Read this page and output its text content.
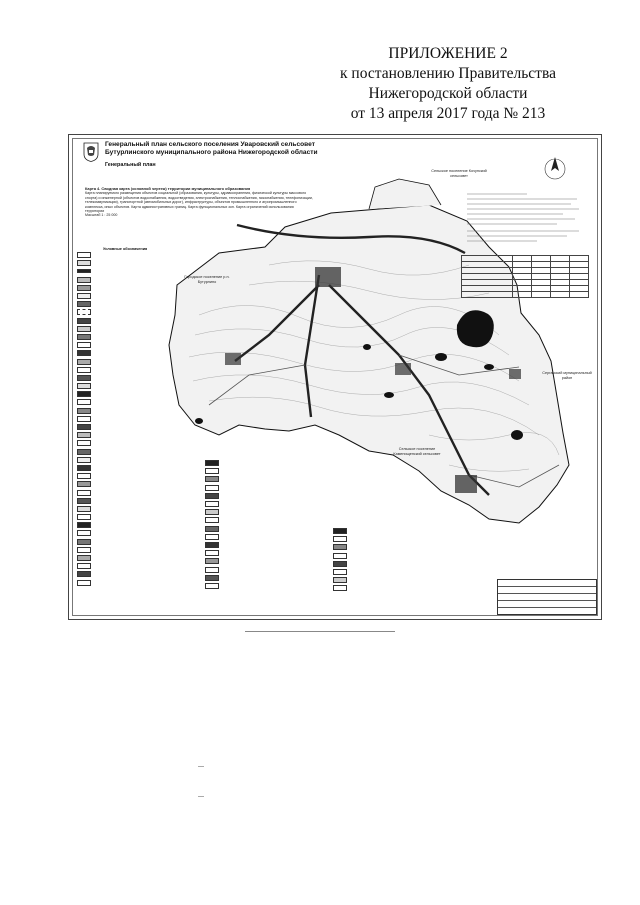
ПРИЛОЖЕНИЕ 2
к постановлению Правительства
Нижегородской области
от 13 апреля 2017 года № 213
Генеральный план сельского поселения Уваровский сельсовет
Бутурлинского муниципального района Нижегородской области
Генеральный план
Карта 4. Сводная карта (основной чертеж) территории муниципального образования
Карта планируемого размещения объектов социальной (образования, культуры, здравоохранения, физической культуры массового спорта) и инженерной (объектов водоснабжения, водоотведения, электроснабжения, теплоснабжения, газоснабжения, телефонизации, телекоммуникации), транспортной (автомобильных дорог), инфраструктуры, объектов промышленного и агропромышленного комплекса, иных объектов. Карта административных границ. Карта функциональных зон. Карта ограничений использования территории
Масштаб 1 : 25 000
Сельское поселение Кочунский сельсовет
Городское поселение р.п. Бутурлино
Сергачский муниципальный район
Сельское поселение Каменищенский сельсовет
Условные обозначения
